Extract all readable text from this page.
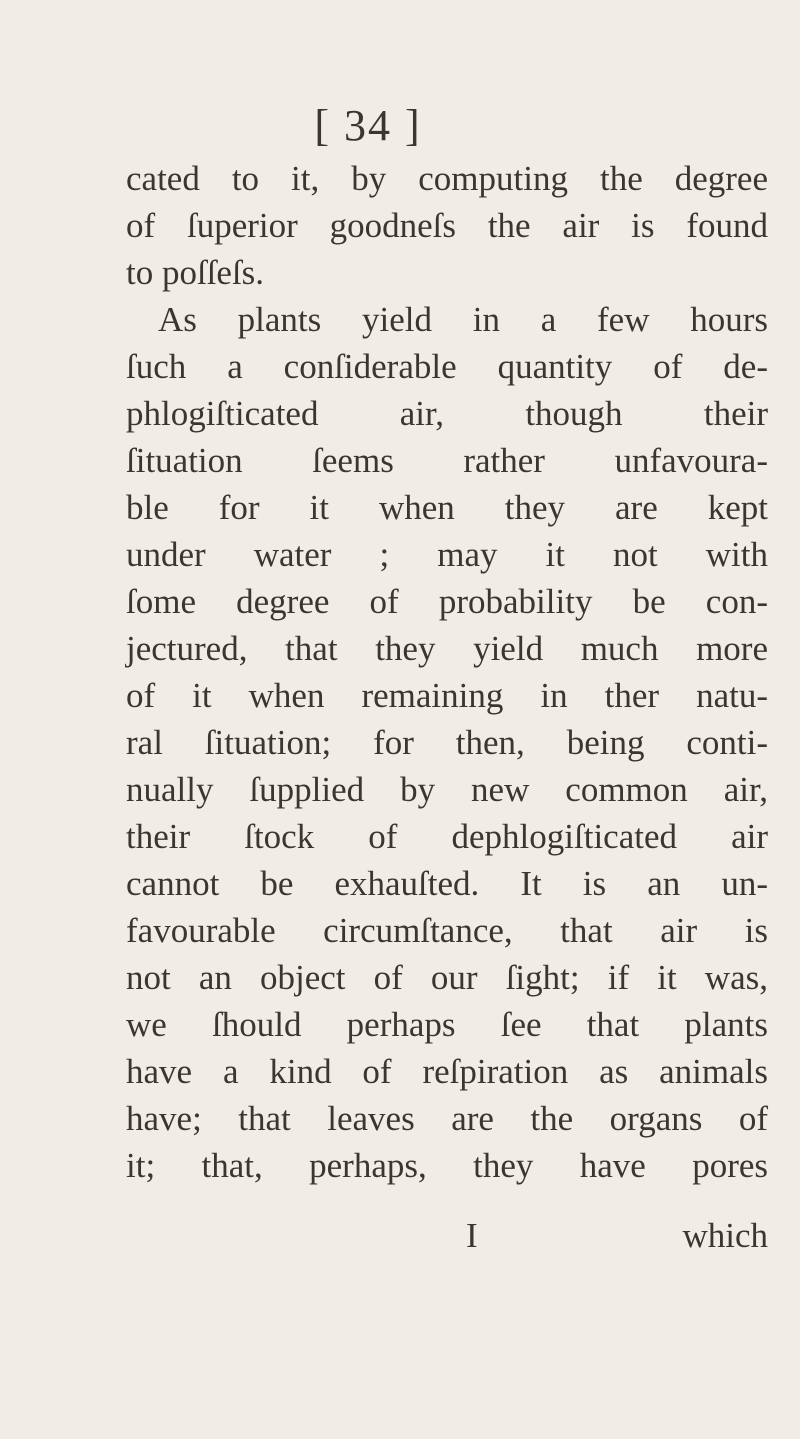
[ 34 ]
cated to it, by computing the degree
of ſuperior goodneſs the air is found
to poſſeſs.
As plants yield in a few hours
ſuch a conſiderable quantity of de-
phlogiſticated air, though their
ſituation ſeems rather unfavoura-
ble for it when they are kept
under water ; may it not with
ſome degree of probability be con-
jectured, that they yield much more
of it when remaining in ther natu-
ral ſituation; for then, being conti-
nually ſupplied by new common air,
their ſtock of dephlogiſticated air
cannot be exhauſted. It is an un-
favourable circumſtance, that air is
not an object of our ſight; if it was,
we ſhould perhaps ſee that plants
have a kind of reſpiration as animals
have; that leaves are the organs of
it; that, perhaps, they have pores
I	which
